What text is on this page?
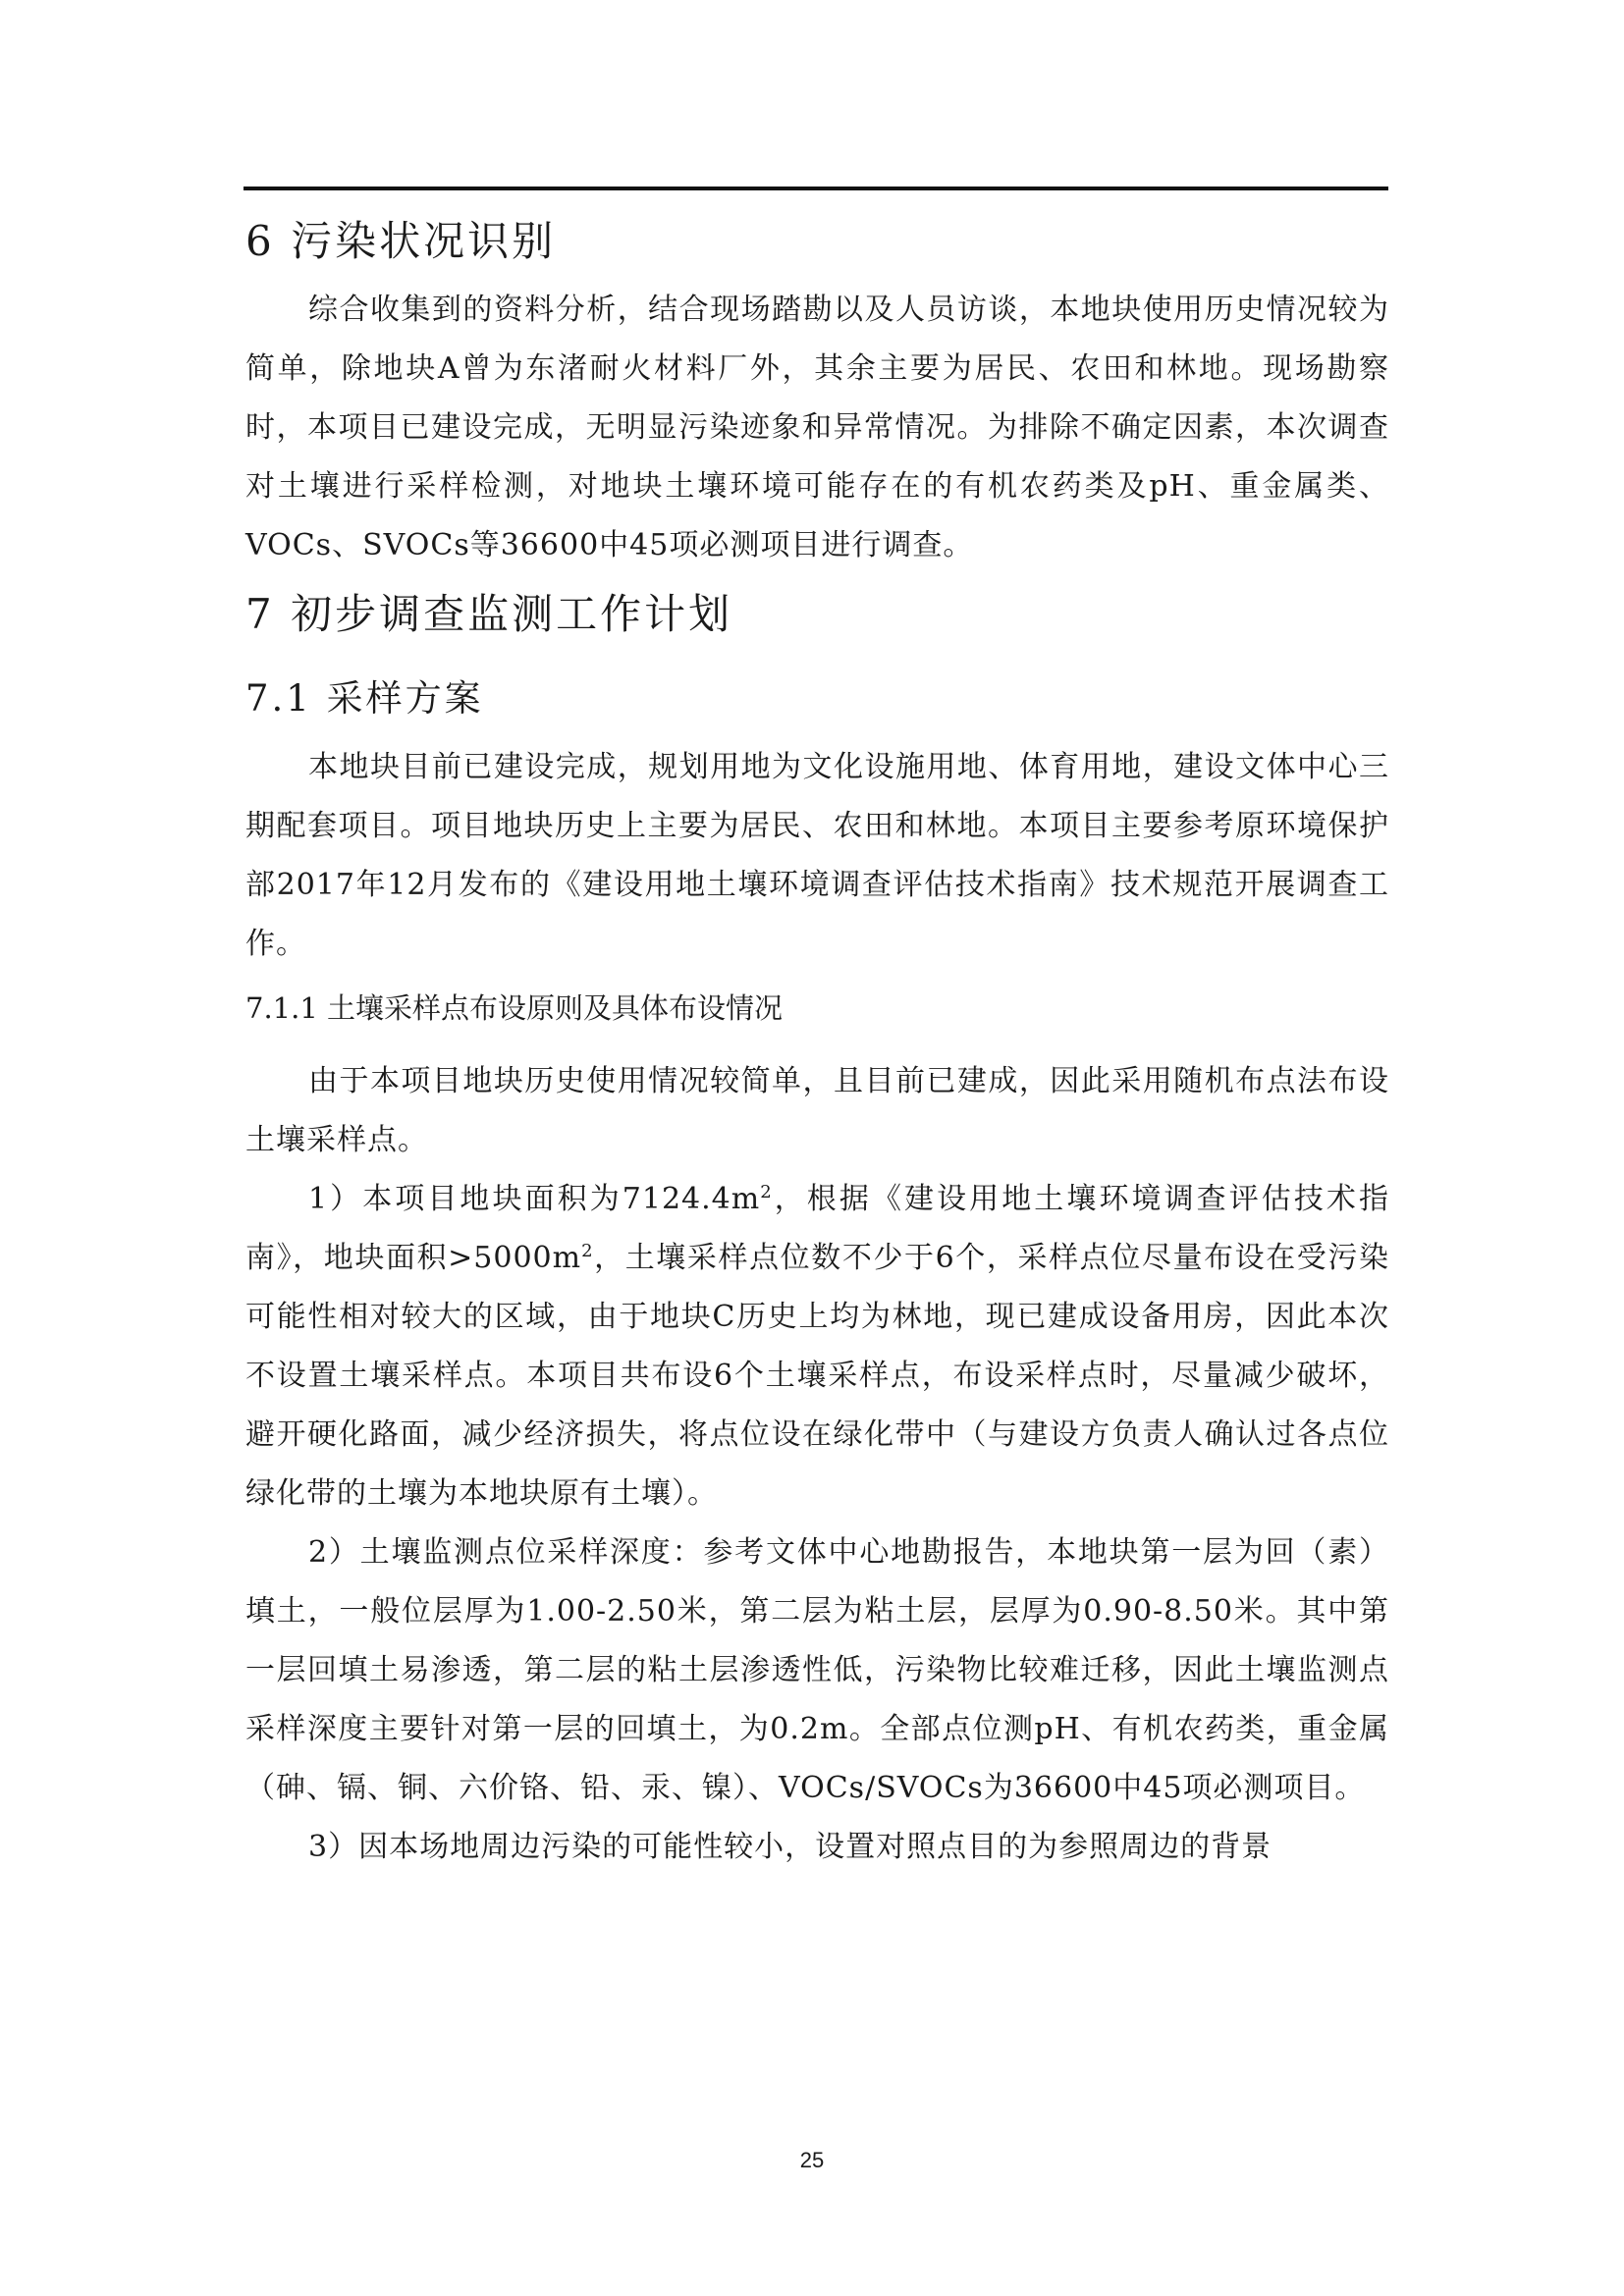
6 污染状况识别

综合收集到的资料分析，结合现场踏勘以及人员访谈，本地块使用历史情况较为简单，除地块A曾为东渚耐火材料厂外，其余主要为居民、农田和林地。现场勘察时，本项目已建设完成，无明显污染迹象和异常情况。为排除不确定因素，本次调查对土壤进行采样检测，对地块土壤环境可能存在的有机农药类及pH、重金属类、VOCs、SVOCs等36600中45项必测项目进行调查。

7 初步调查监测工作计划
7.1 采样方案

本地块目前已建设完成，规划用地为文化设施用地、体育用地，建设文体中心三期配套项目。项目地块历史上主要为居民、农田和林地。本项目主要参考原环境保护部2017年12月发布的《建设用地土壤环境调查评估技术指南》技术规范开展调查工作。

7.1.1 土壤采样点布设原则及具体布设情况

由于本项目地块历史使用情况较简单，且目前已建成，因此采用随机布点法布设土壤采样点。

1）本项目地块面积为$7124.4m^2$，根据《建设用地土壤环境调查评估技术指南》，地块面积$>5000m^2$，土壤采样点位数不少于6个，采样点位尽量布设在受污染可能性相对较大的区域，由于地块C历史上均为林地，现已建成设备用房，因此本次不设置土壤采样点。本项目共布设6个土壤采样点，布设采样点时，尽量减少破坏，避开硬化路面，减少经济损失，将点位设在绿化带中（与建设方负责人确认过各点位绿化带的土壤为本地块原有土壤）。

2）土壤监测点位采样深度：参考文体中心地勘报告，本地块第一层为回（素）填土，一般位层厚为1.00-2.50米，第二层为粘土层，层厚为0.90-8.50米。其中第一层回填土易渗透，第二层的粘土层渗透性低，污染物比较难迁移，因此土壤监测点采样深度主要针对第一层的回填土，为0.2m。全部点位测pH、有机农药类，重金属（砷、镉、铜、六价铬、铅、汞、镍）、VOCs/SVOCs为36600中45项必测项目。

3）因本场地周边污染的可能性较小，设置对照点目的为参照周边的背景

25
